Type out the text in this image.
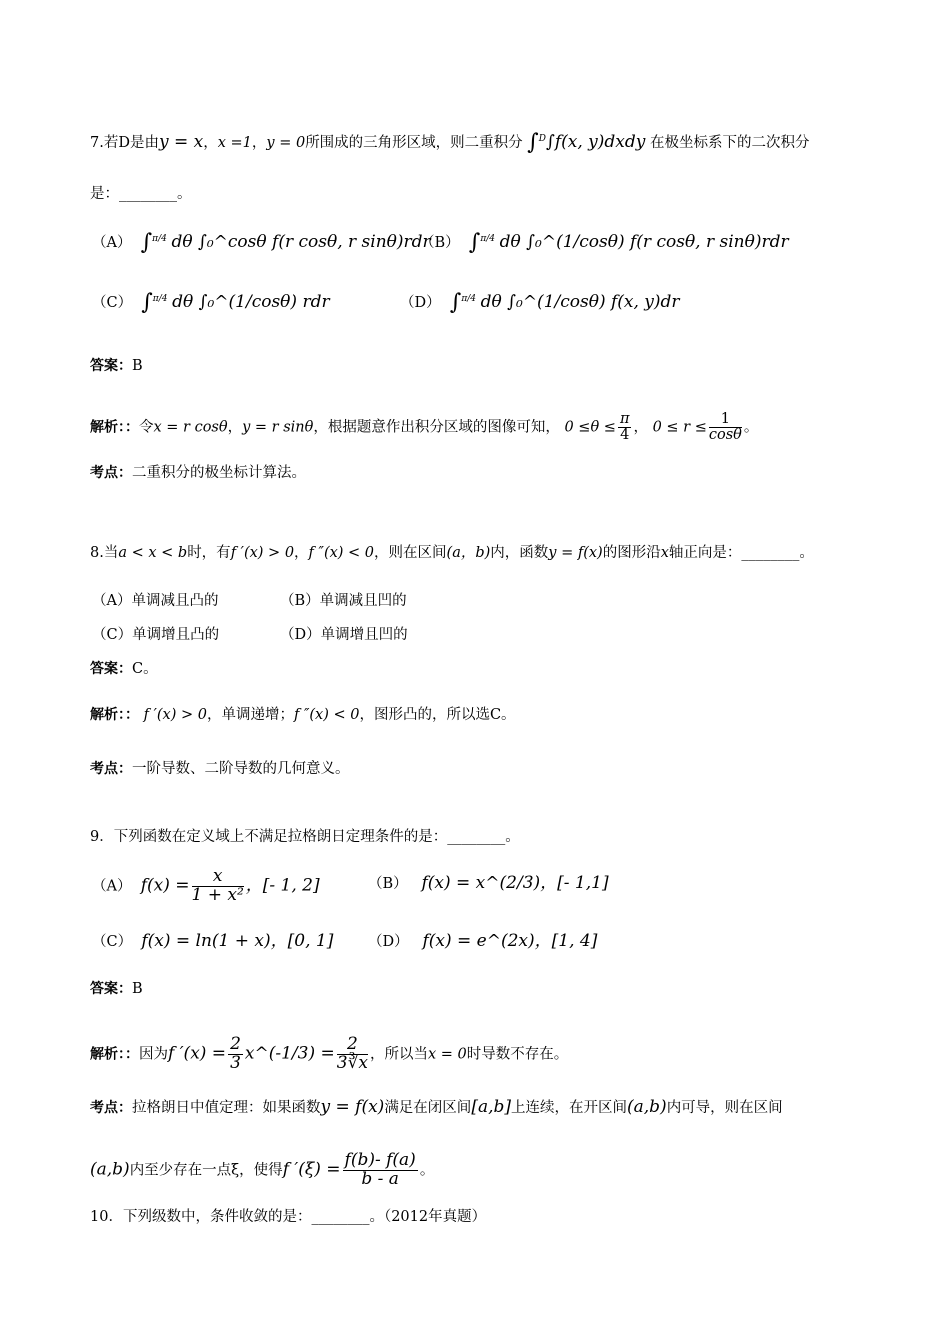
7.若D是由y = x，x =1，y = 0所围成的三角形区域，则二重积分 ∫$^D$∫f(x, y)dxdy 在极坐标系下的二次积分
是：________。
（A） ∫$^{\pi/4}$ dθ ∫₀^cosθ f(r cosθ, r sinθ)rdr
（B） ∫$^{\pi/4}$ dθ ∫₀^(1/cosθ) f(r cosθ, r sinθ)rdr
（C） ∫$^{\pi/4}$ dθ ∫₀^(1/cosθ) rdr	（D） ∫$^{\pi/4}$ dθ ∫₀^(1/cosθ) f(x, y)dr
答案：B
解析：：令x = r cosθ，y = r sinθ，根据题意作出积分区域的图像可知， $0 \le\theta \le \frac{\pi}{4}$ ， $0 \le r \le \frac{1}{\cos\theta}$ 。
考点：二重积分的极坐标计算法。
8.当a < x < b时，有f ′(x) > 0，f ″(x) < 0，则在区间(a，b)内，函数y = f(x)的图形沿x轴正向是：________。
（A）单调减且凸的	（B）单调减且凹的
（C）单调增且凸的	（D）单调增且凹的
答案：C。
解析：： f ′(x) > 0，单调递增；f ″(x) < 0，图形凸的，所以选C。
考点：一阶导数、二阶导数的几何意义。
9．下列函数在定义域上不满足拉格朗日定理条件的是：________。
（A） $f(x) = \frac{x}{\text{1 + x²}}$ ，[- 1, 2]	（B） f(x) = x^(2/3)，[- 1,1]
（C） f(x) = ln(1 + x)，[0, 1] （D） f(x) = e^(2x)，[1, 4]
答案：B
解析：：因为f $'(x) = \frac{2}{3}$ x^(-1/3) = $\frac{2}{3∛x}$ ，所以当x = 0时导数不存在。
考点：拉格朗日中值定理：如果函数y = f(x)满足在闭区间[a,b]上连续，在开区间(a,b)内可导，则在区间
(a,b)内至少存在一点ξ，使得f $'(\xi) = \frac{f(b)- f(a)}{b - a}$ 。
10．下列级数中，条件收敛的是：________。（2012年真题）
